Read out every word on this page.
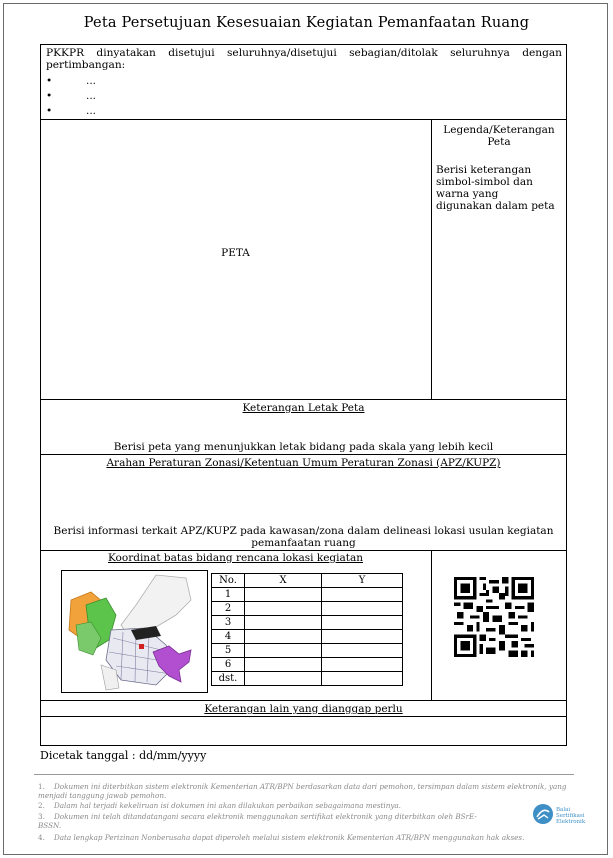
Peta Persetujuan Kesesuaian Kegiatan Pemanfaatan Ruang
PKKPR dinyatakan disetujui seluruhnya/disetujui sebagian/ditolak seluruhnya dengan pertimbangan:
•	...
•	...
•	...
PETA
Legenda/Keterangan Peta
Berisi keterangan simbol-simbol dan warna yang digunakan dalam peta
Keterangan Letak Peta
Berisi peta yang menunjukkan letak bidang pada skala yang lebih kecil
Arahan Peraturan Zonasi/Ketentuan Umum Peraturan Zonasi (APZ/KUPZ)
Berisi informasi terkait APZ/KUPZ pada kawasan/zona dalam delineasi lokasi usulan kegiatan pemanfaatan ruang
Koordinat batas bidang rencana lokasi kegiatan
No.	X	Y
1		
2		
3		
4		
5		
6		
dst.		
Keterangan lain yang dianggap perlu
Dicetak tanggal : dd/mm/yyyy
1. Dokumen ini diterbitkan sistem elektronik Kementerian ATR/BPN berdasarkan data dari pemohon, tersimpan dalam sistem elektronik, yang menjadi tanggung jawab pemohon.
2. Dalam hal terjadi kekeliruan isi dokumen ini akan dilakukan perbaikan sebagaimana mestinya.
3. Dokumen ini telah ditandatangani secara elektronik menggunakan sertifikat elektronik yang diterbitkan oleh BSrE-BSSN.
4. Data lengkap Perizinan Nonberusaha dapat diperoleh melalui sistem elektronik Kementerian ATR/BPN menggunakan hak akses.
Balai Sertifikasi Elektronik
